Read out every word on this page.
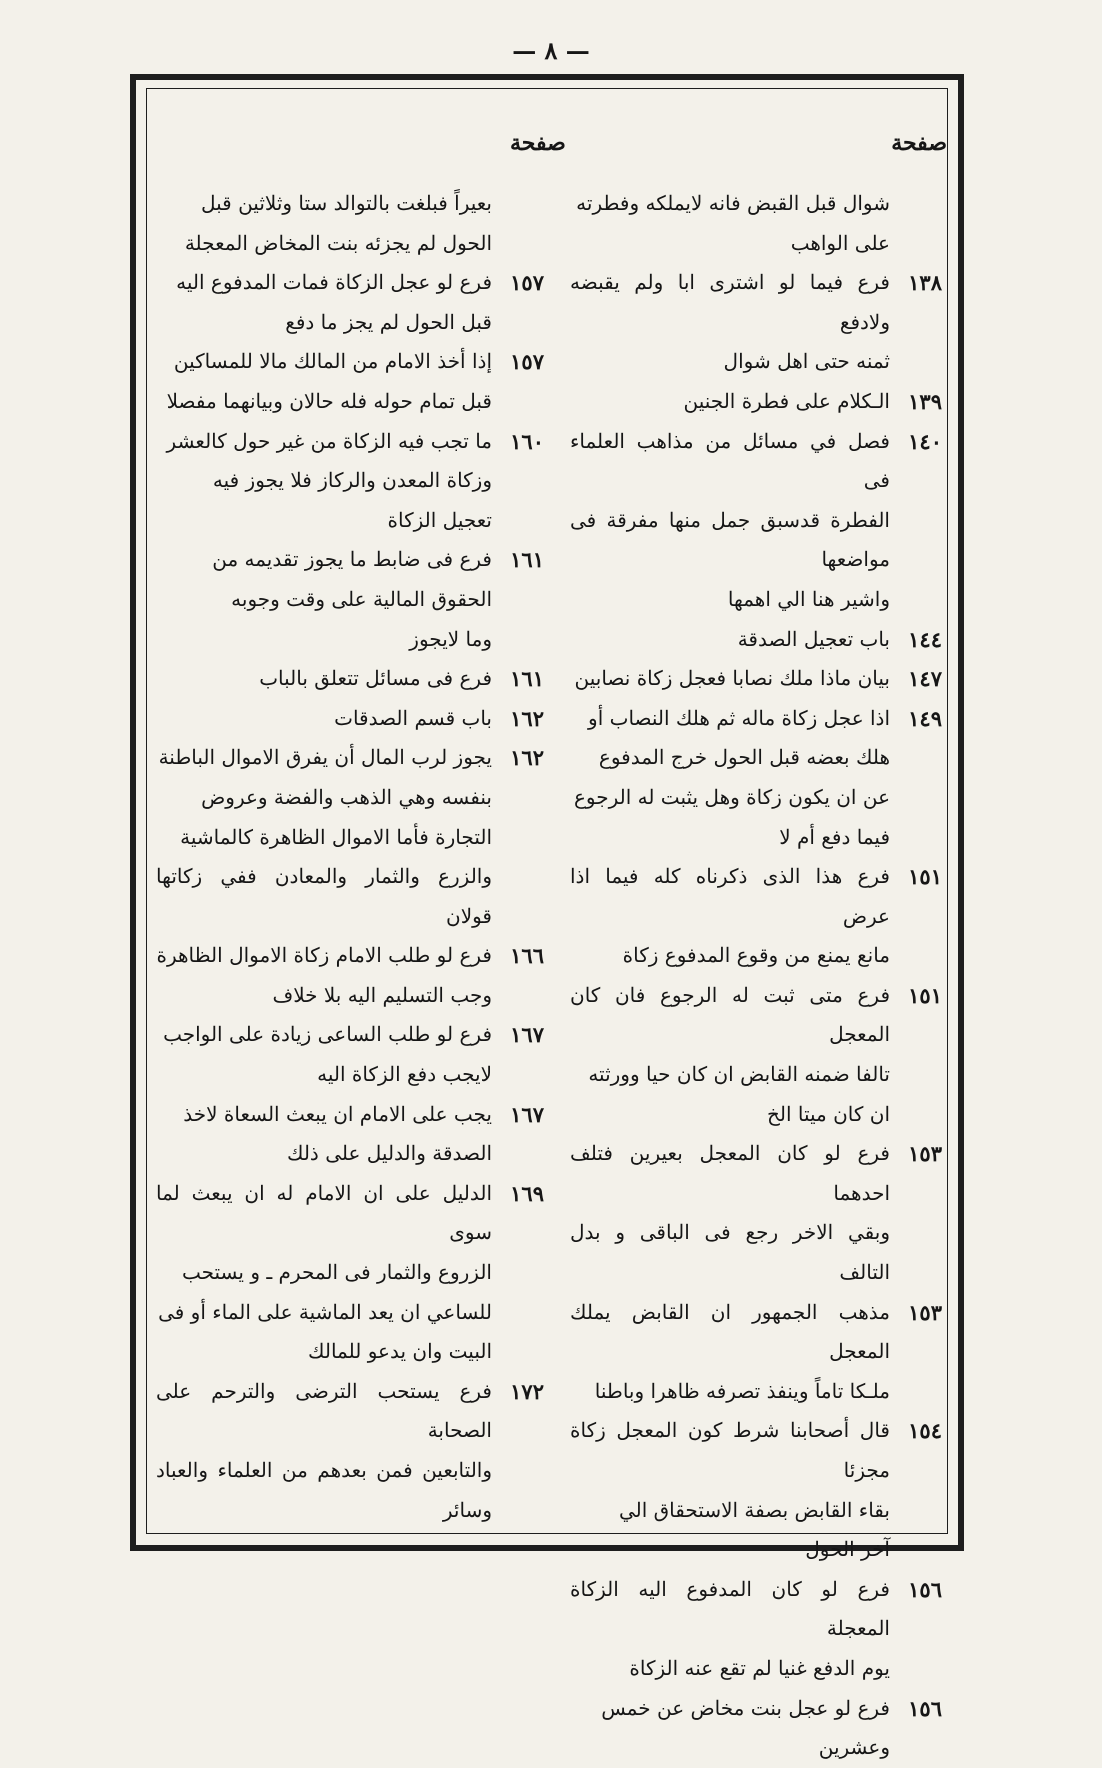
— ٨ —
صفحة
صفحة
شوال قبل القبض فانه لايملكه وفطرته
على الواهب
١٣٨
فرع فيما لو اشترى ابا ولم يقبضه ولادفع
ثمنه حتى اهل شوال
١٣٩
الـكلام على فطرة الجنين
١٤٠
فصل في مسائل من مذاهب العلماء فى
الفطرة قدسبق جمل منها مفرقة فى مواضعها
واشير هنا الي اهمها
١٤٤
باب تعجيل الصدقة
١٤٧
بيان ماذا ملك نصابا فعجل زكاة نصابين
١٤٩
اذا عجل زكاة ماله ثم هلك النصاب أو
هلك بعضه قبل الحول خرج المدفوع
عن ان يكون زكاة وهل يثبت له الرجوع
فيما دفع أم لا
١٥١
فرع هذا الذى ذكرناه كله فيما اذا عرض
مانع يمنع من وقوع المدفوع زكاة
١٥١
فرع متى ثبت له الرجوع فان كان المعجل
تالفا ضمنه القابض ان كان حيا وورثته
ان كان ميتا الخ
١٥٣
فرع لو كان المعجل بعيرين فتلف احدهما
وبقي الاخر رجع فى الباقى و بدل التالف
١٥٣
مذهب الجمهور ان القابض يملك المعجل
ملـكا تاماً وينفذ تصرفه ظاهرا وباطنا
١٥٤
قال أصحابنا شرط كون المعجل زكاة مجزئا
بقاء القابض بصفة الاستحقاق الي
آخر الحول
١٥٦
فرع لو كان المدفوع اليه الزكاة المعجلة
يوم الدفع غنيا لم تقع عنه الزكاة
١٥٦
فرع لو عجل بنت مخاض عن خمس
وعشرين
بعيراً فبلغت بالتوالد ستا وثلاثين قبل
الحول لم يجزئه بنت المخاض المعجلة
١٥٧
فرع لو عجل الزكاة فمات المدفوع اليه
قبل الحول لم يجز ما دفع
١٥٧
إذا أخذ الامام من المالك مالا للمساكين
قبل تمام حوله فله حالان وبيانهما مفصلا
١٦٠
ما تجب فيه الزكاة من غير حول كالعشر
وزكاة المعدن والركاز فلا يجوز فيه
تعجيل الزكاة
١٦١
فرع فى ضابط ما يجوز تقديمه من
الحقوق المالية على وقت وجوبه
وما لايجوز
١٦١
فرع فى مسائل تتعلق بالباب
١٦٢
باب قسم الصدقات
١٦٢
يجوز لرب المال أن يفرق الاموال الباطنة
بنفسه وهي الذهب والفضة وعروض
التجارة فأما الاموال الظاهرة كالماشية
والزرع والثمار والمعادن ففي زكاتها قولان
١٦٦
فرع لو طلب الامام زكاة الاموال الظاهرة
وجب التسليم اليه بلا خلاف
١٦٧
فرع لو طلب الساعى زيادة على الواجب
لايجب دفع الزكاة اليه
١٦٧
يجب على الامام ان يبعث السعاة لاخذ
الصدقة والدليل على ذلك
١٦٩
الدليل على ان الامام له ان يبعث لما سوى
الزروع والثمار فى المحرم ـ و يستحب
للساعي ان يعد الماشية على الماء أو فى
البيت وان يدعو للمالك
١٧٢
فرع يستحب الترضى والترحم على الصحابة
والتابعين فمن بعدهم من العلماء والعباد وسائر
